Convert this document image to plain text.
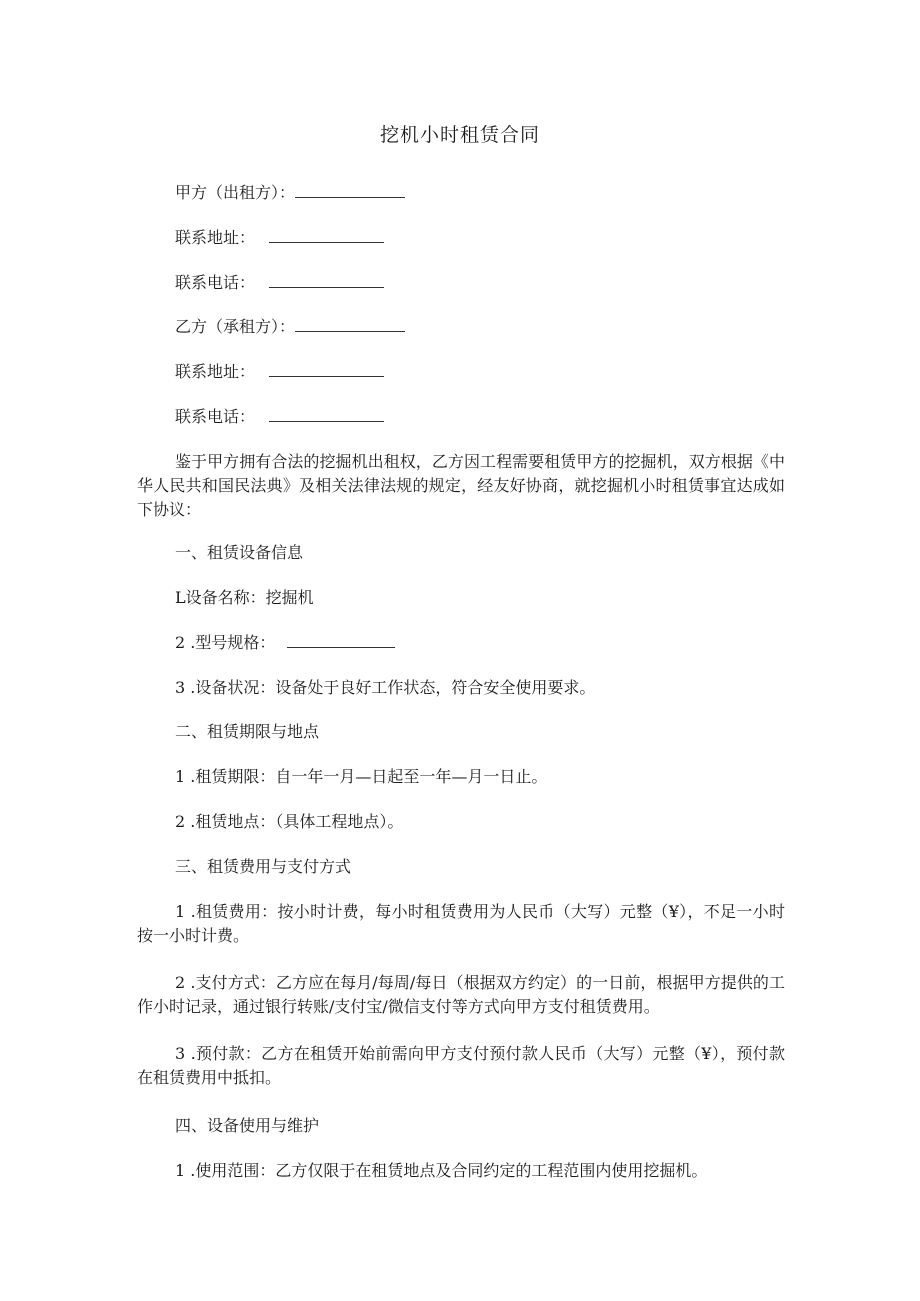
挖机小时租赁合同
甲方（出租方）：
联系地址：
联系电话：
乙方（承租方）：
联系地址：
联系电话：
鉴于甲方拥有合法的挖掘机出租权，乙方因工程需要租赁甲方的挖掘机，双方根据《中华人民共和国民法典》及相关法律法规的规定，经友好协商，就挖掘机小时租赁事宜达成如下协议：
一、租赁设备信息
L设备名称：挖掘机
2 .型号规格：
3 .设备状况：设备处于良好工作状态，符合安全使用要求。
二、租赁期限与地点
1 .租赁期限：自一年一月—日起至一年—月一日止。
2 .租赁地点：（具体工程地点）。
三、租赁费用与支付方式
1 .租赁费用：按小时计费，每小时租赁费用为人民币（大写）元整（¥），不足一小时按一小时计费。
2 .支付方式：乙方应在每月/每周/每日（根据双方约定）的一日前，根据甲方提供的工作小时记录，通过银行转账/支付宝/微信支付等方式向甲方支付租赁费用。
3 .预付款：乙方在租赁开始前需向甲方支付预付款人民币（大写）元整（¥），预付款在租赁费用中抵扣。
四、设备使用与维护
1 .使用范围：乙方仅限于在租赁地点及合同约定的工程范围内使用挖掘机。
